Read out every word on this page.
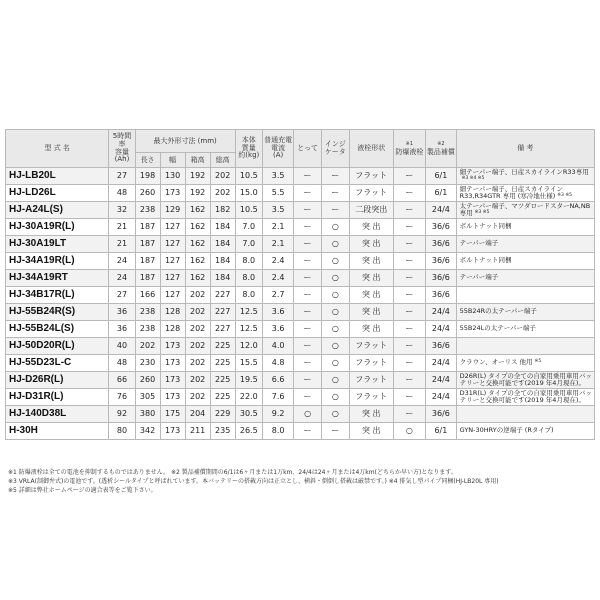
型 式 名	5時間率
容量
(Ah)	最大外形寸法 (mm)				本体
質量
約(kg)	普通充電
電流
(A)	とって	インジ
ケータ	液栓形状	$^{※1}$
防爆液栓	$^{※2}$
製品補償	備 考
		長さ	幅	箱高	総高								
HJ-LB20L	27	198	130	192	202	10.5	3.5	ー	ー	フラット	ー	6/1	細テーパー端子、日産スカイラインR33専用$^{※3 ※4 ※5}$
HJ-LD26L	48	260	173	192	202	15.0	5.5	ー	ー	フラット	ー	6/1	細テーパー端子、日産スカイラインR33,R34GTR 専用 (寒冷地仕様) $^{※3 ※5}$
HJ-A24L(S)	32	238	129	162	182	10.5	3.5	ー	ー	二段突出	ー	24/4	太テーパー端子、マツダロードスターNA,NB専用 $^{※3 ※5}$
HJ-30A19R(L)	21	187	127	162	184	7.0	2.1	ー	○	突 出	ー	36/6	ボルトナット同梱
HJ-30A19LT	21	187	127	162	184	7.0	2.1	ー	○	突 出	ー	36/6	テーパー端子
HJ-34A19R(L)	24	187	127	162	184	8.0	2.4	ー	○	突 出	ー	36/6	ボルトナット同梱
HJ-34A19RT	24	187	127	162	184	8.0	2.4	ー	○	突 出	ー	36/6	テーパー端子
HJ-34B17R(L)	27	166	127	202	227	8.0	2.7	ー	○	突 出	ー	36/6	
HJ-55B24R(S)	36	238	128	202	227	12.5	3.6	ー	○	突 出	ー	24/4	55B24Rの太テーパー端子
HJ-55B24L(S)	36	238	128	202	227	12.5	3.6	ー	○	突 出	ー	24/4	55B24Lの太テーパー端子
HJ-50D20R(L)	40	202	173	202	225	12.0	4.0	ー	○	フラット	ー	36/6	
HJ-55D23L-C	48	230	173	202	225	15.5	4.8	ー	○	フラット	ー	24/4	クラウン、オーリス 他用 $^{※5}$
HJ-D26R(L)	66	260	173	202	225	19.5	6.6	ー	○	フラット	ー	24/4	D26R(L) タイプの全ての自家用乗用車用バッテリーと交換可能です(2019 年4月現在)。
HJ-D31R(L)	76	305	173	202	225	22.0	7.6	ー	○	フラット	ー	24/4	D31R(L) タイプの全ての自家用乗用車用バッテリーと交換可能です(2019 年4月現在)。
HJ-140D38L	92	380	175	204	229	30.5	9.2	○	○	突 出	ー	36/6	
H-30H	80	342	173	211	235	26.5	8.0	ー	ー	突 出	○	6/1	GYN-30HRYの逆端子 (Rタイプ)
※1 防爆液栓は全ての電池を抑制するものではありません。 ※2 製品補償期間の6/1は6ヶ月または1万km、24/4は24ヶ月または4万km(どちらか早い方)となります。
※3 VRLA(制御弁式)の電池です。(透析シールタイプと呼ばれています。本バッテリーの搭載方向は正立とし、横斜・倒倒し搭載は厳禁です。) ※4 排気し型パイプ同梱(HJ-LB20L 専用)
※5 詳細は弊社ホームページの適合表等をご覧下さい。
